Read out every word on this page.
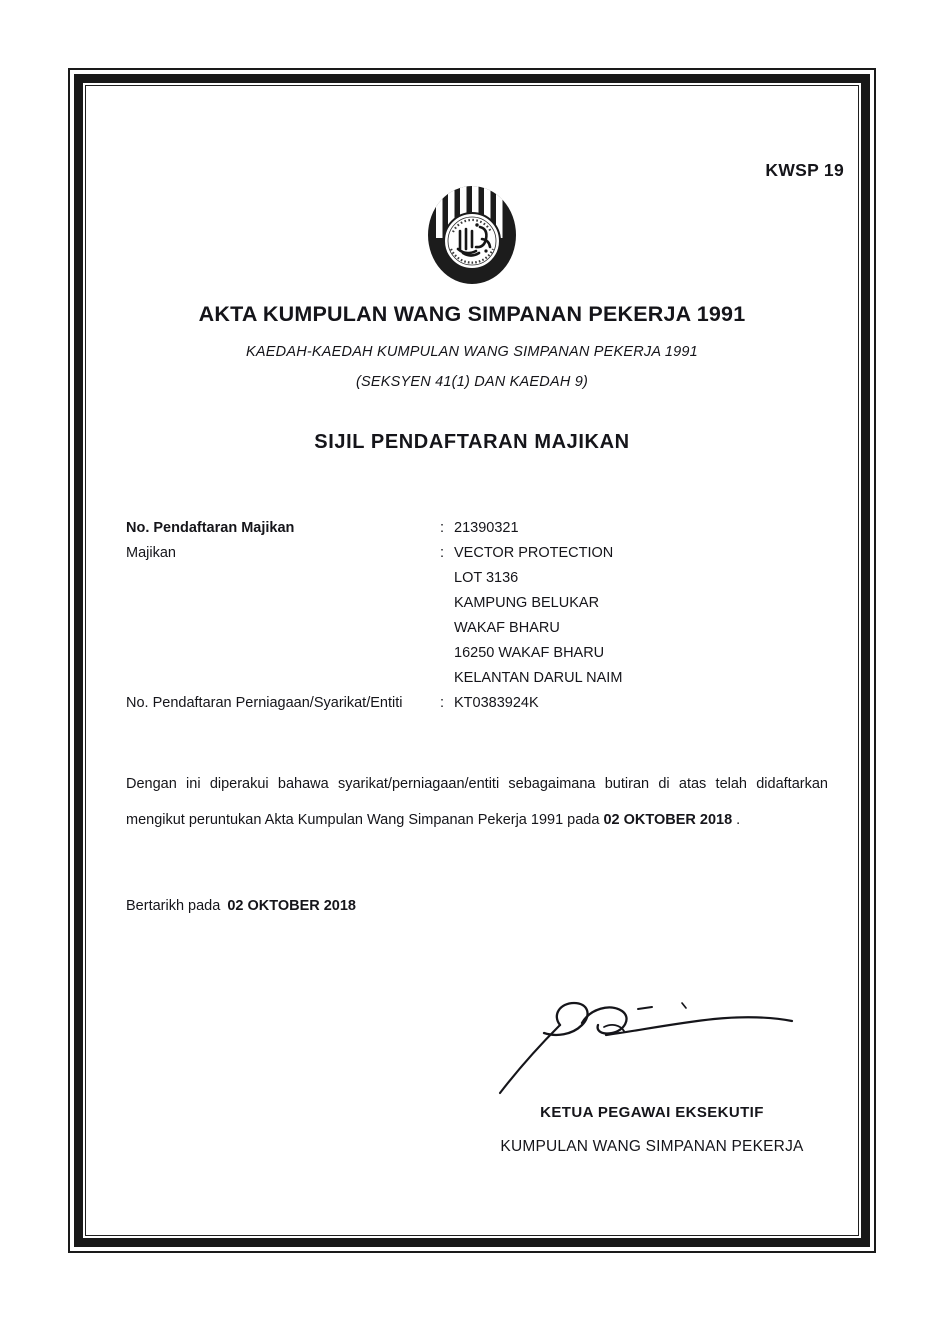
KWSP 19
AKTA KUMPULAN WANG SIMPANAN PEKERJA 1991
KAEDAH-KAEDAH KUMPULAN WANG SIMPANAN PEKERJA 1991
(SEKSYEN 41(1) DAN KAEDAH 9)
SIJIL PENDAFTARAN MAJIKAN
No. Pendaftaran Majikan	: 21390321
Majikan	: VECTOR PROTECTION
LOT 3136
KAMPUNG BELUKAR
WAKAF BHARU
16250 WAKAF BHARU
KELANTAN DARUL NAIM
No. Pendaftaran Perniagaan/Syarikat/Entiti	: KT0383924K
Dengan ini diperakui bahawa syarikat/perniagaan/entiti sebagaimana butiran di atas telah didaftarkan mengikut peruntukan Akta Kumpulan Wang Simpanan Pekerja 1991 pada 02 OKTOBER 2018 .
Bertarikh pada 02 OKTOBER 2018
KETUA PEGAWAI EKSEKUTIF
KUMPULAN WANG SIMPANAN PEKERJA
